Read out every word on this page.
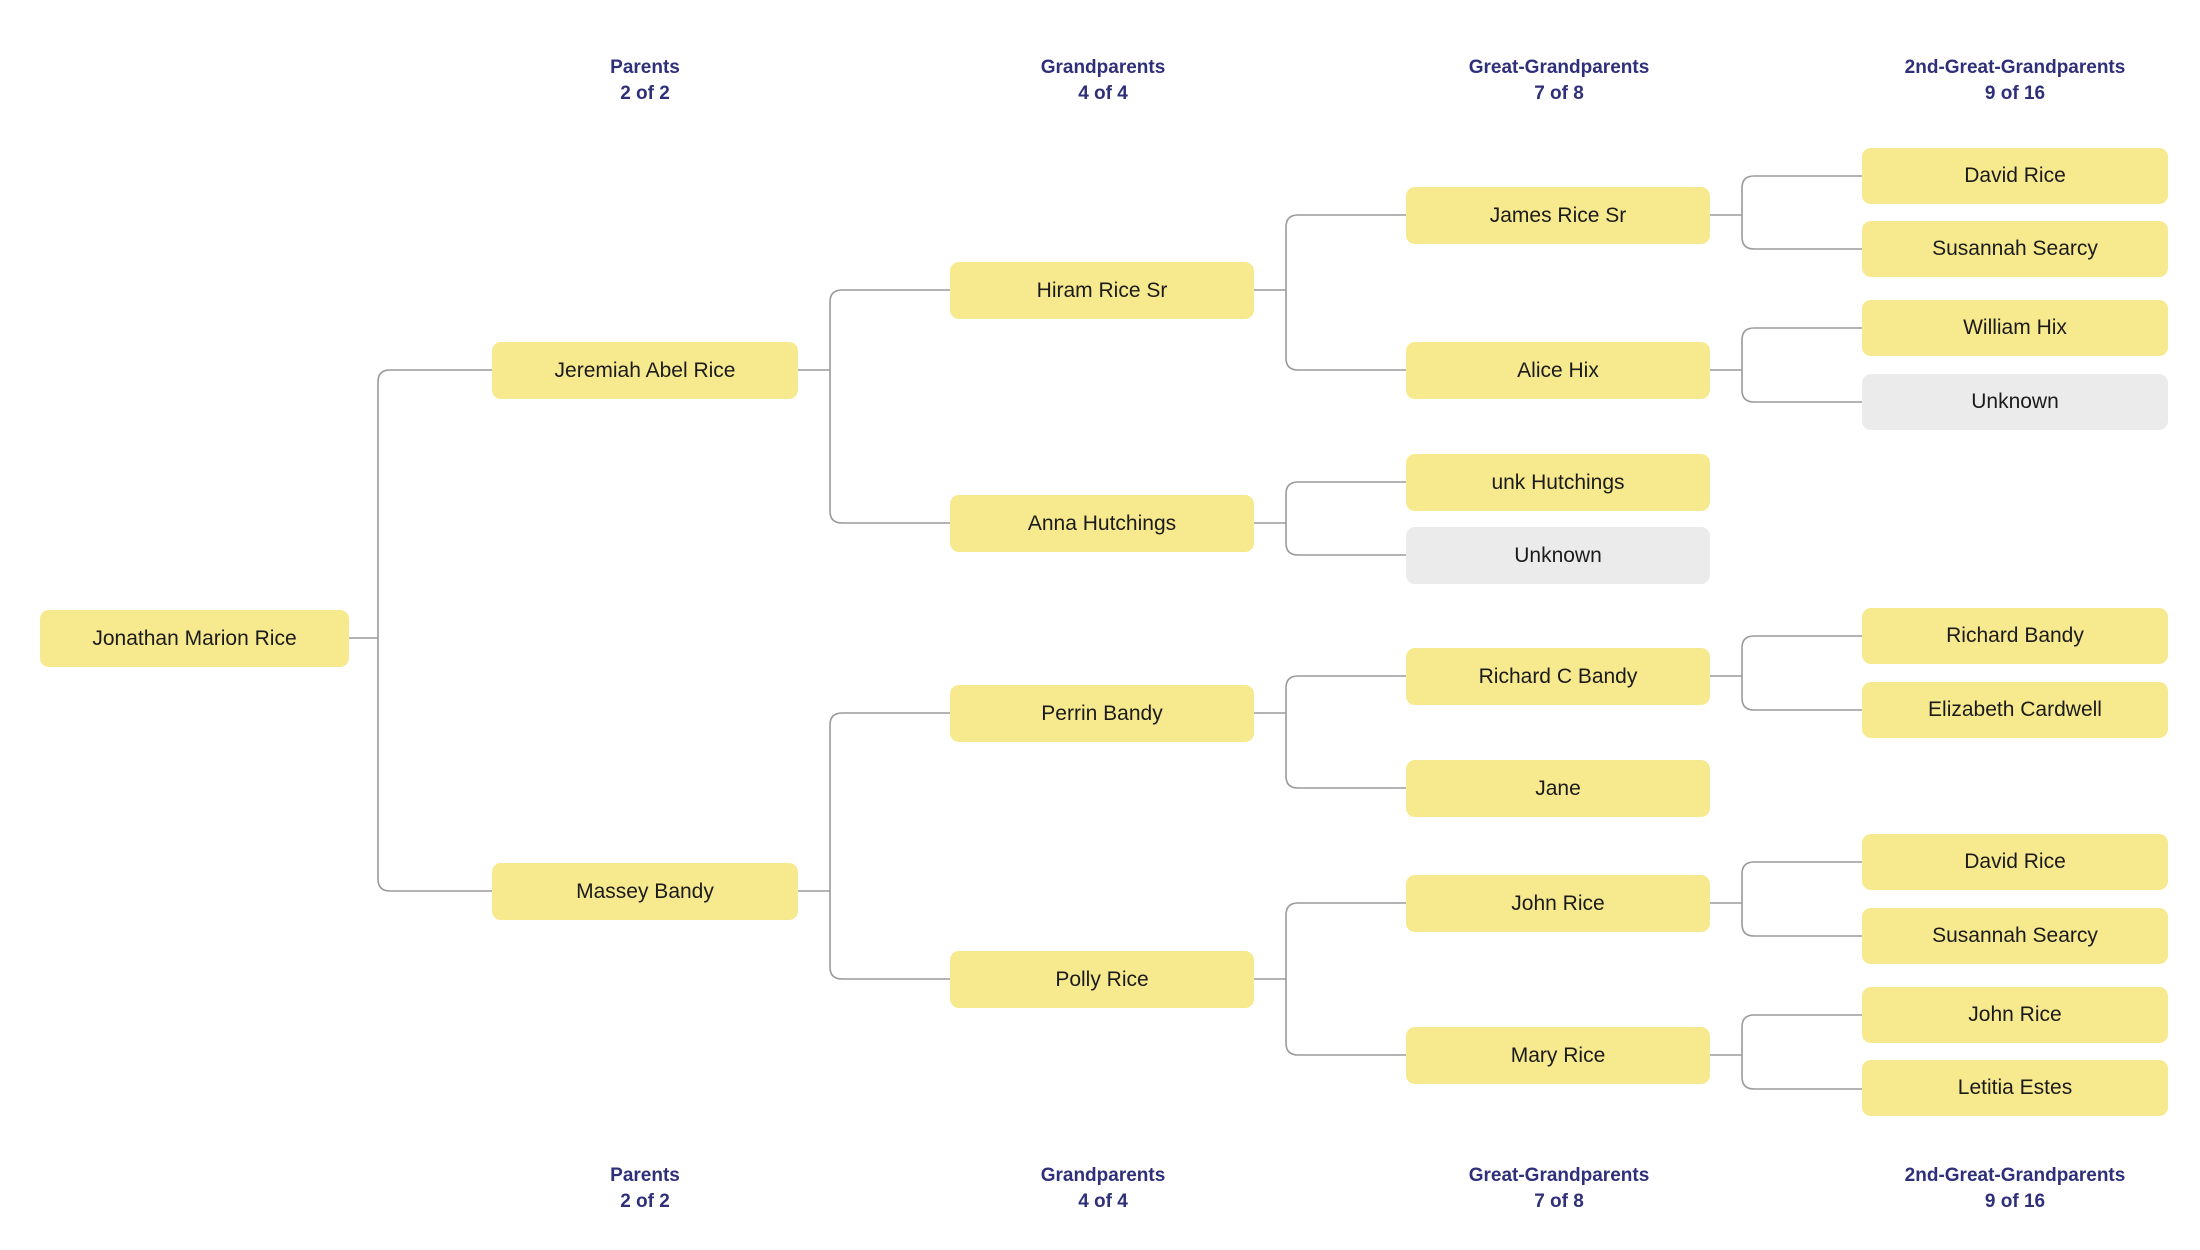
Parents
2 of 2
Grandparents
4 of 4
Great-Grandparents
7 of 8
2nd-Great-Grandparents
9 of 16
Jonathan Marion Rice
Jeremiah Abel Rice
Massey Bandy
Hiram Rice Sr
Anna Hutchings
Perrin Bandy
Polly Rice
James Rice Sr
Alice Hix
unk Hutchings
Unknown
Richard C Bandy
Jane
John Rice
Mary Rice
David Rice
Susannah Searcy
William Hix
Unknown
Richard Bandy
Elizabeth Cardwell
David Rice
Susannah Searcy
John Rice
Letitia Estes
Parents
2 of 2
Grandparents
4 of 4
Great-Grandparents
7 of 8
2nd-Great-Grandparents
9 of 16
